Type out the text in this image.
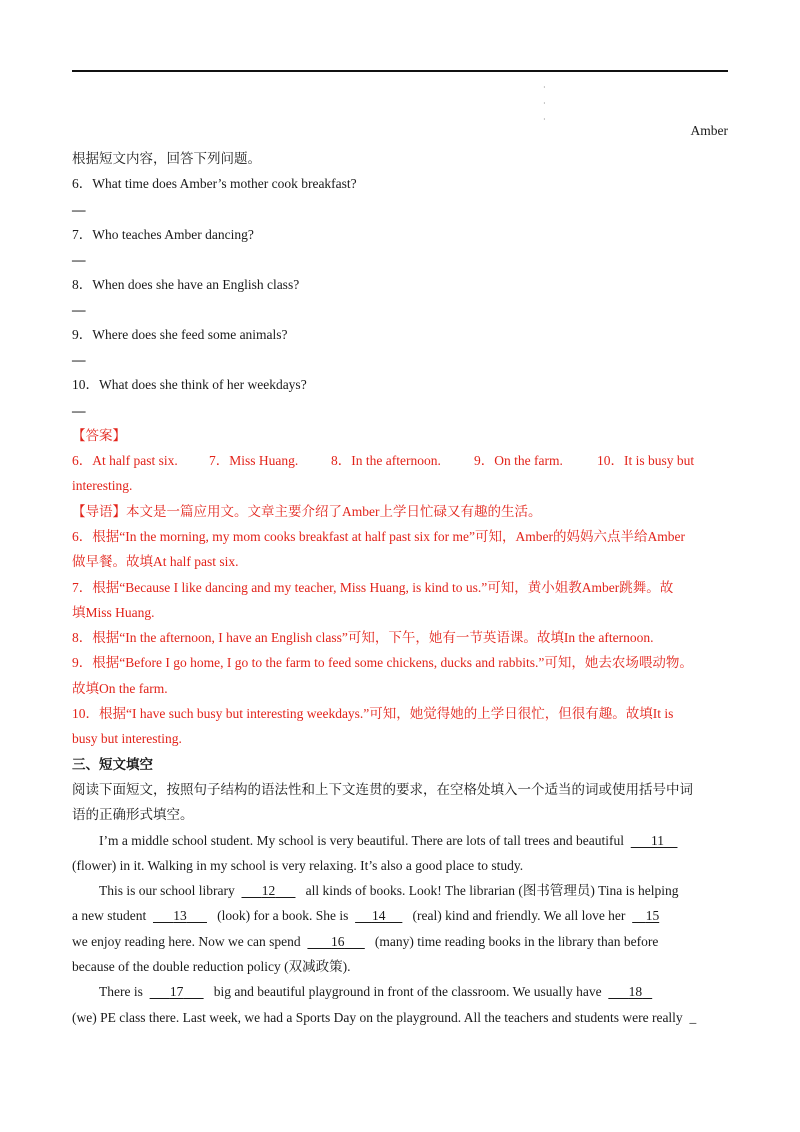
·
·
·
Amber
根据短文内容，回答下列问题。
6．What time does Amber’s mother cook breakfast?
—
7．Who teaches Amber dancing?
—
8．When does she have an English class?
—
9．Where does she feed some animals?
—
10．What does she think of her weekdays?
—
【答案】
6．At half past six. 7．Miss Huang. 8．In the afternoon. 9．On the farm.	10．It is busy but
interesting.
【导语】本文是一篇应用文。文章主要介绍了Amber上学日忙碌又有趣的生活。
6．根据“In the morning, my mom cooks breakfast at half past six for me”可知，Amber的妈妈六点半给Amber
做早餐。故填At half past six.
7．根据“Because I like dancing and my teacher, Miss Huang, is kind to us.”可知，黄小姐教Amber跳舞。故
填Miss Huang.
8．根据“In the afternoon, I have an English class”可知，下午，她有一节英语课。故填In the afternoon.
9．根据“Before I go home, I go to the farm to feed some chickens, ducks and rabbits.”可知，她去农场喂动物。
故填On the farm.
10．根据“I have such busy but interesting weekdays.”可知，她觉得她的上学日很忙，但很有趣。故填It is
busy but interesting.
三、短文填空
阅读下面短文，按照句子结构的语法性和上下文连贯的要求，在空格处填入一个适当的词或使用括号中词
语的正确形式填空。
I’m a middle school student. My school is very beautiful. There are lots of tall trees and beautiful 11
(flower) in it. Walking in my school is very relaxing. It’s also a good place to study.
This is our school library 12 all kinds of books. Look! The librarian (图书管理员) Tina is helping
a new student 13 (look) for a book. She is 14 (real) kind and friendly. We all love her 15
we enjoy reading here. Now we can spend 16 (many) time reading books in the library than before
because of the double reduction policy (双减政策).
There is 17 big and beautiful playground in front of the classroom. We usually have 18
(we) PE class there. Last week, we had a Sports Day on the playground. All the teachers and students were really _
